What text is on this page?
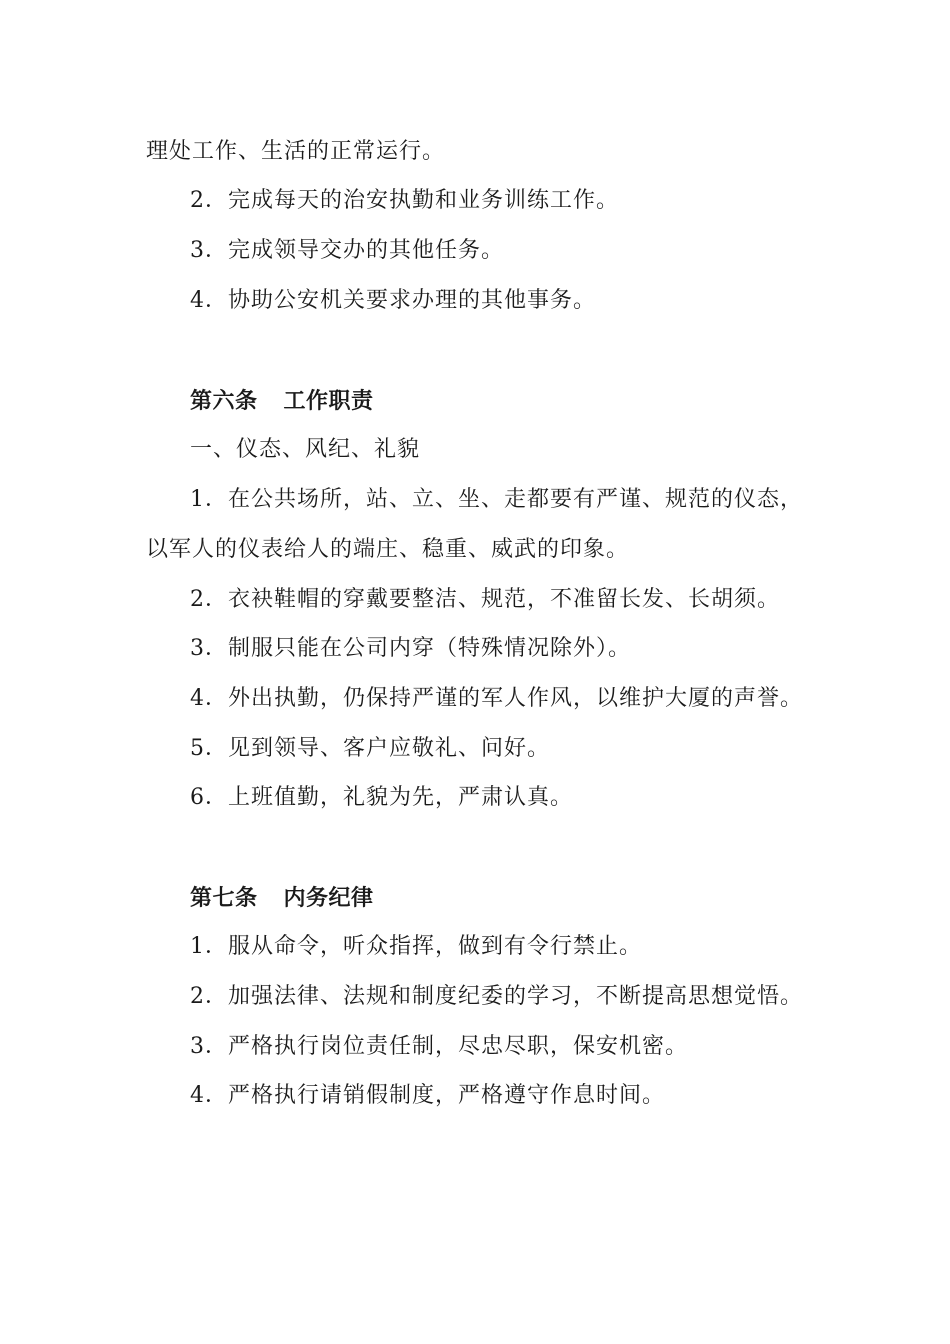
理处工作、生活的正常运行。
2．完成每天的治安执勤和业务训练工作。
3．完成领导交办的其他任务。
4．协助公安机关要求办理的其他事务。
第六条 工作职责
一、仪态、风纪、礼貌
1．在公共场所，站、立、坐、走都要有严谨、规范的仪态，
以军人的仪表给人的端庄、稳重、威武的印象。
2．衣袂鞋帽的穿戴要整洁、规范，不准留长发、长胡须。
3．制服只能在公司内穿（特殊情况除外）。
4．外出执勤，仍保持严谨的军人作风，以维护大厦的声誉。
5．见到领导、客户应敬礼、问好。
6．上班值勤，礼貌为先，严肃认真。
第七条 内务纪律
1．服从命令，听众指挥，做到有令行禁止。
2．加强法律、法规和制度纪委的学习，不断提高思想觉悟。
3．严格执行岗位责任制，尽忠尽职，保安机密。
4．严格执行请销假制度，严格遵守作息时间。
